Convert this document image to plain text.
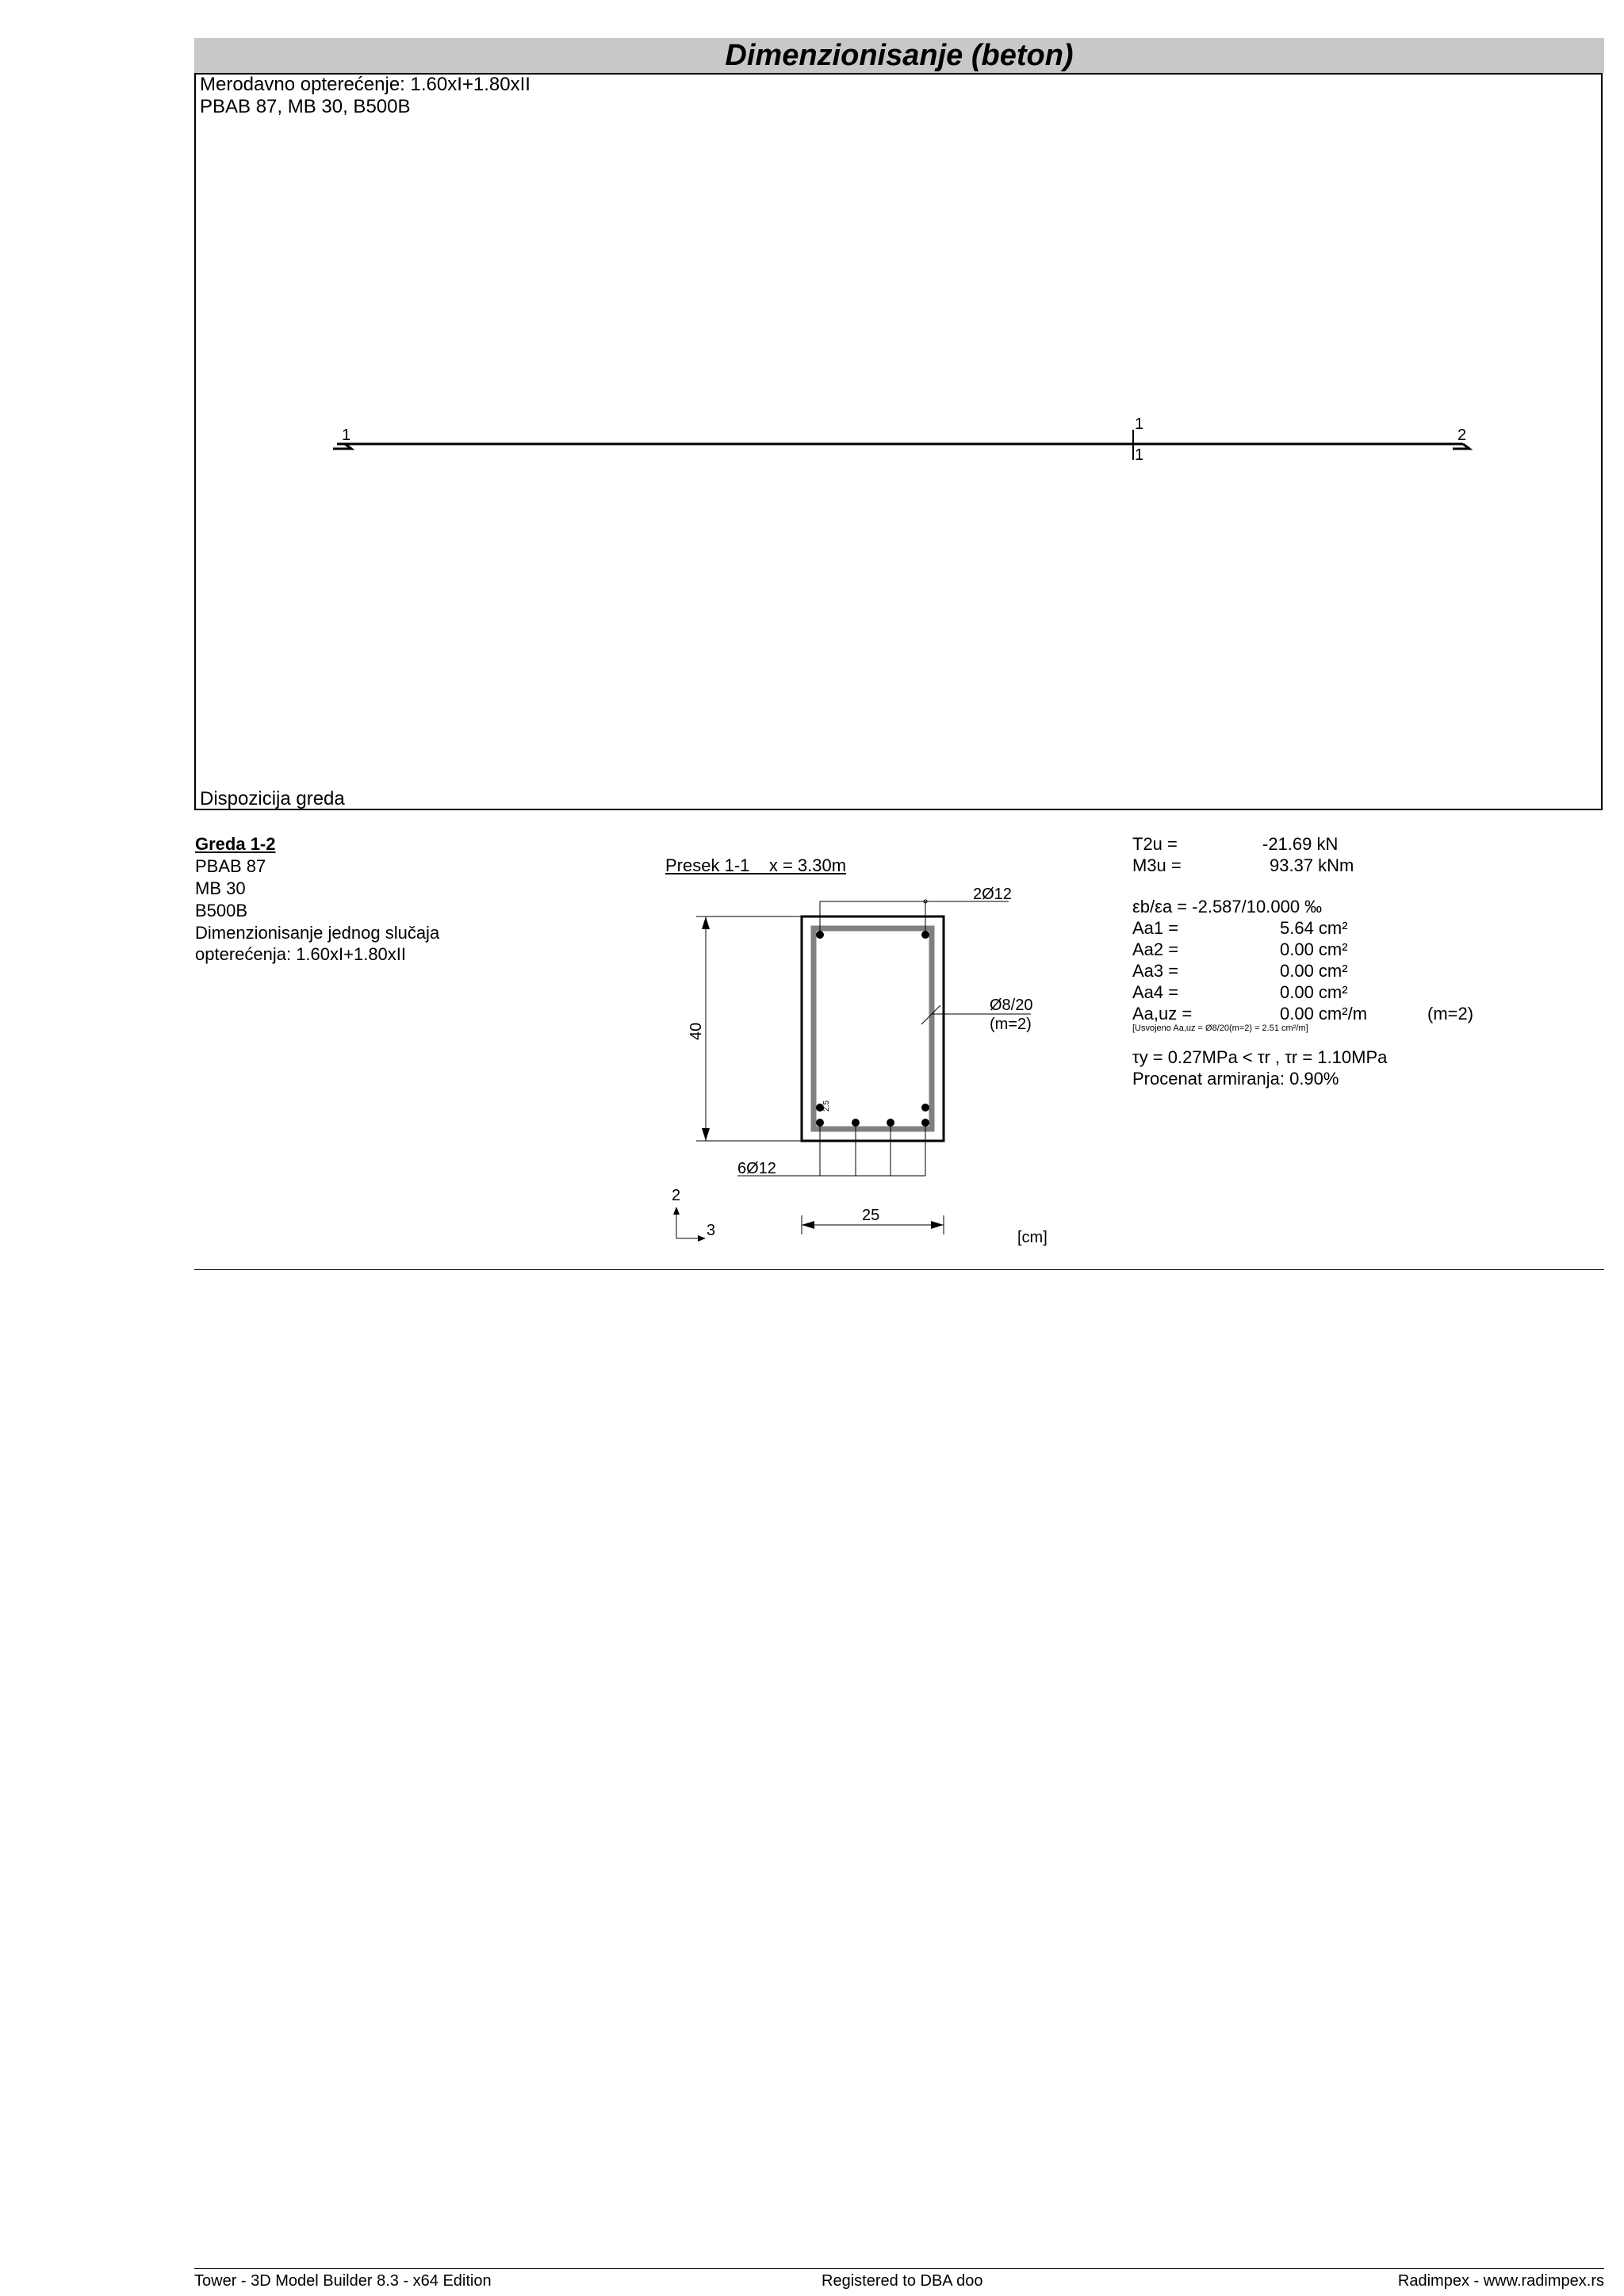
Dimenzionisanje (beton)
Merodavno opterećenje: 1.60xI+1.80xII
PBAB 87, MB 30, B500B
Dispozicija greda
1	2
1
1
Greda 1-2
PBAB 87
MB 30
B500B
Dimenzionisanje jednog slučaja
opterećenja: 1.60xI+1.80xII
Presek 1-1    x = 3.30m
2Ø12
6Ø12
Ø8/20
(m=2)
2.5
40
25
2
3	[cm]
T2u =	-21.69 kN
M3u =	93.37 kNm
εb/εa = -2.587/10.000 ‰
Aa1 =	5.64 cm²
Aa2 =	0.00 cm²
Aa3 =	0.00 cm²
Aa4 =	0.00 cm²
Aa,uz =	0.00 cm²/m	(m=2)
[Usvojeno Aa,uz = Ø8/20(m=2) = 2.51 cm²/m]
τy = 0.27MPa < τr , τr = 1.10MPa
Procenat armiranja: 0.90%
Tower - 3D Model Builder 8.3 - x64 Edition	Registered to DBA doo	Radimpex - www.radimpex.rs
